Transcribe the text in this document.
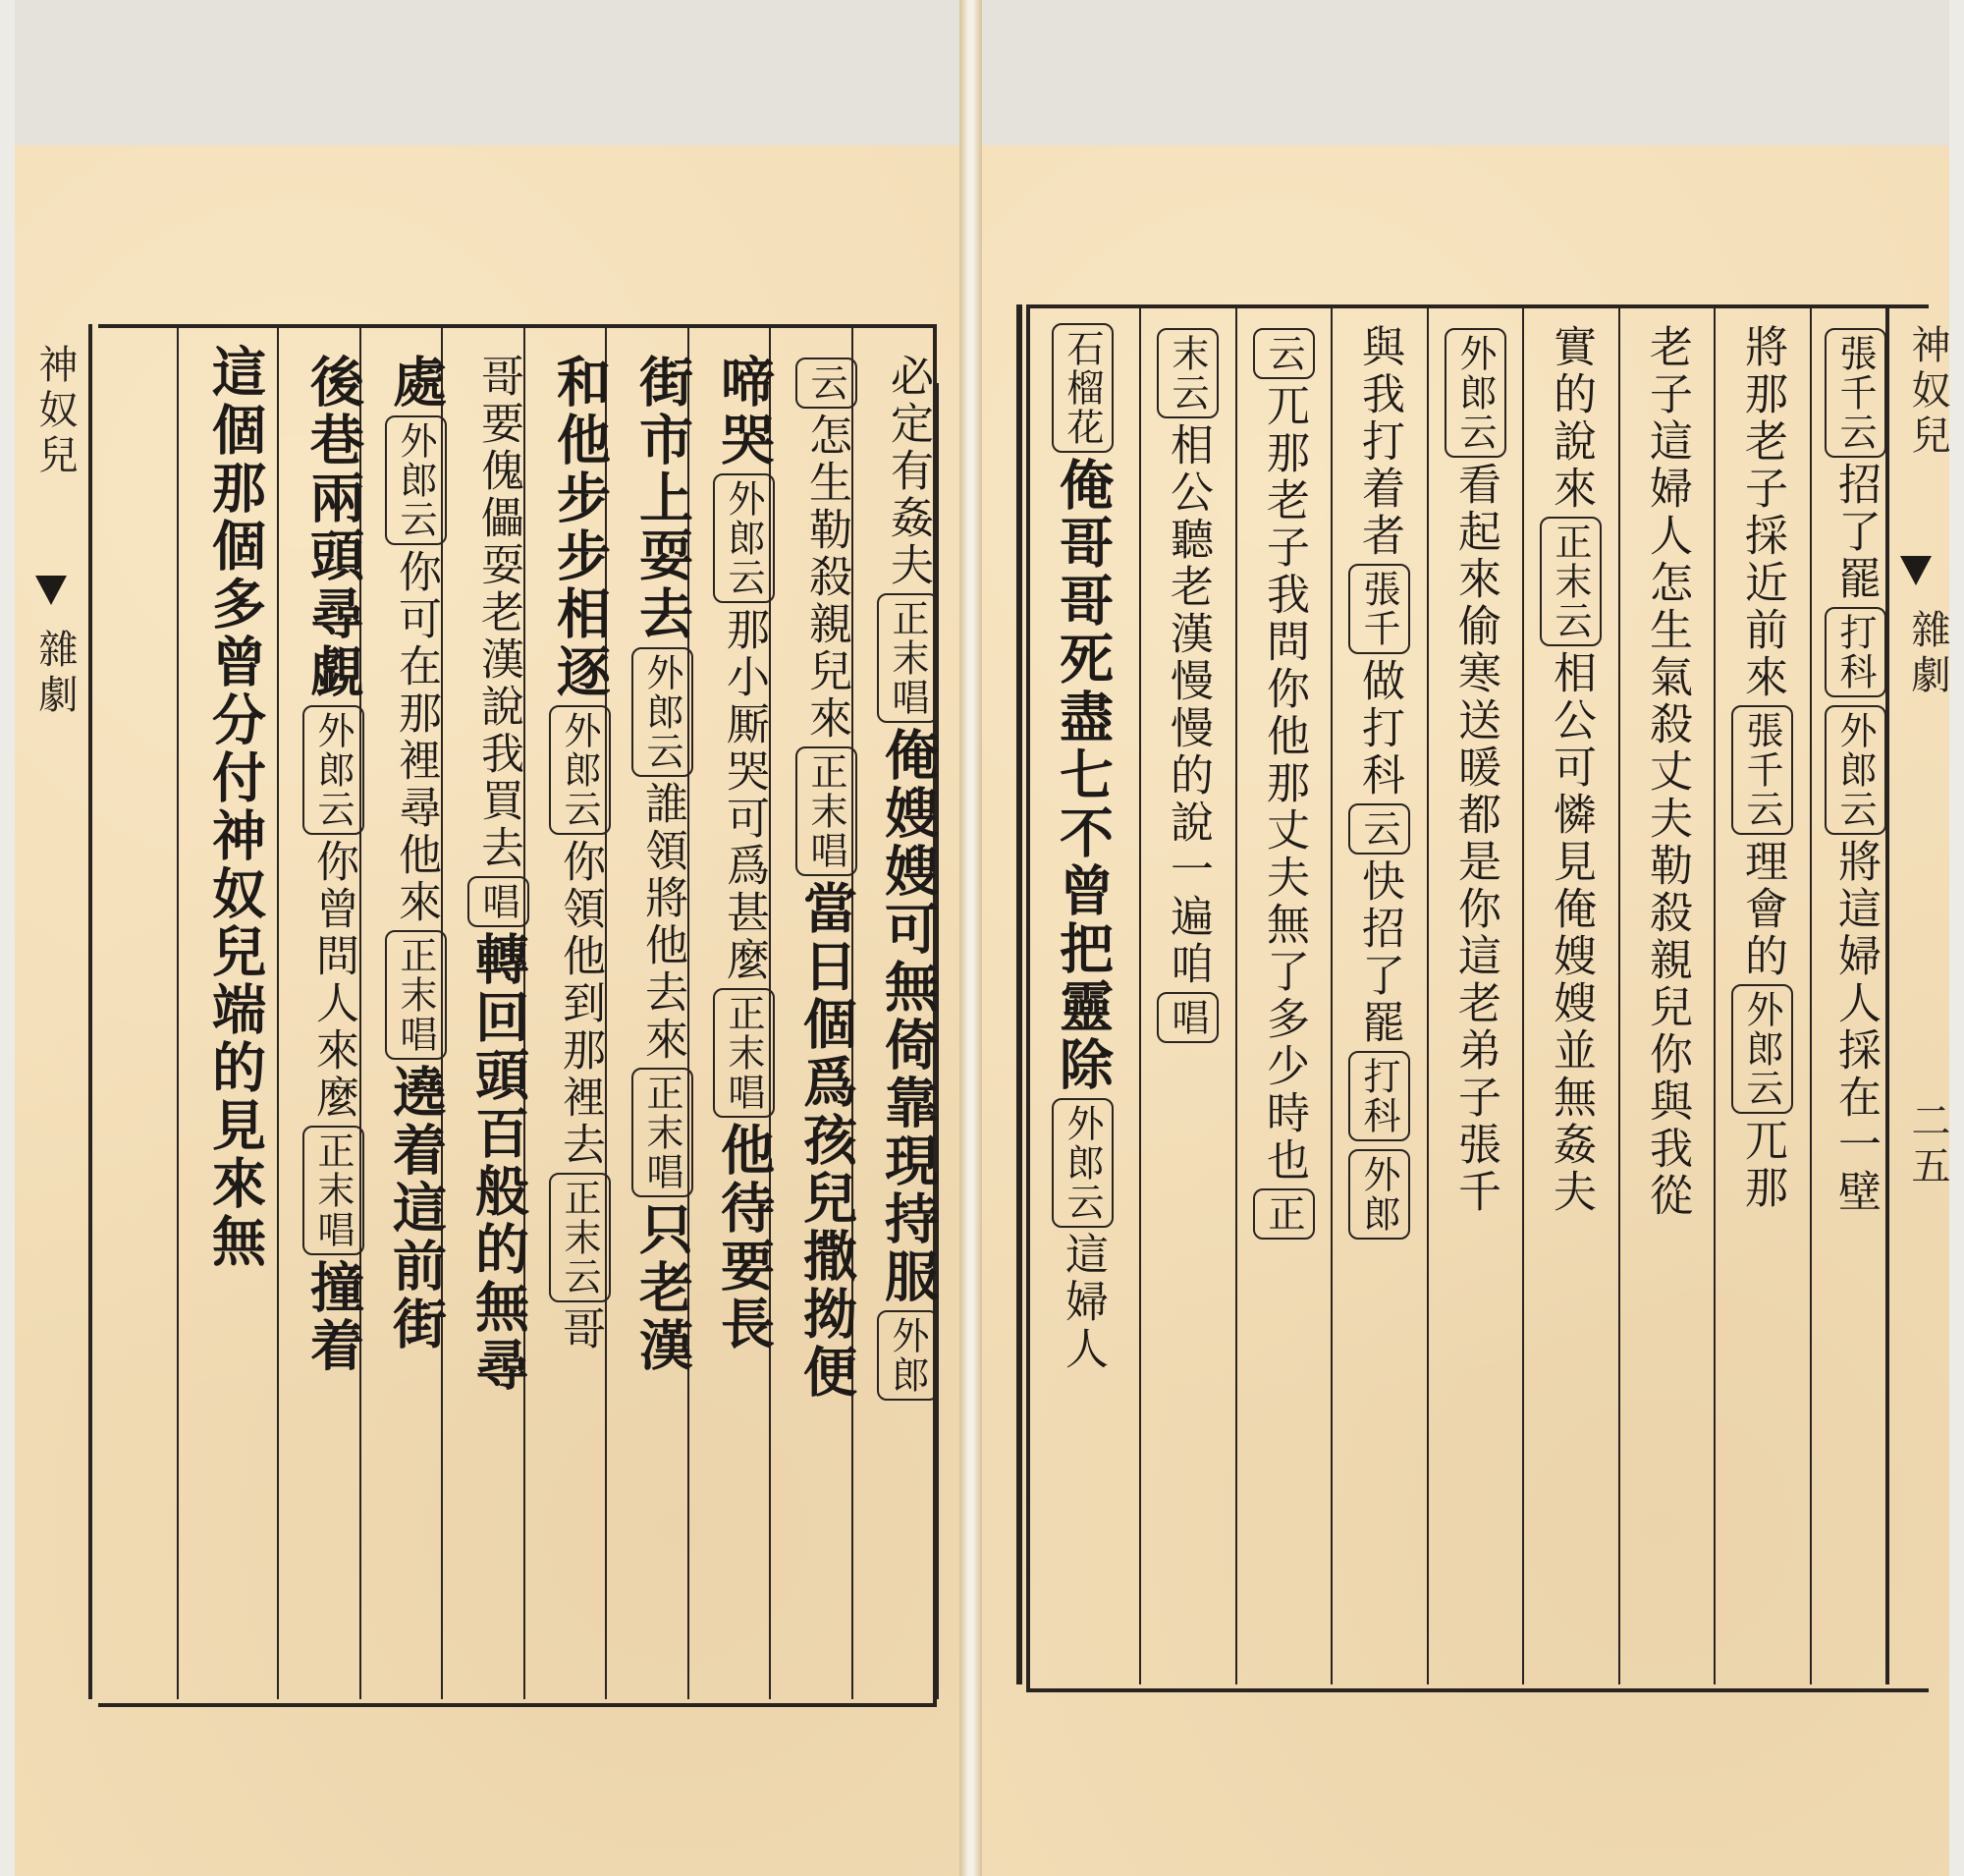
神奴兒
雜劇
神奴兒
雜劇
二五
必定有姦夫正末唱俺嫂嫂可無倚靠現持服外郎
云怎生勒殺親兒來正末唱當日個爲孩兒撒拗便
啼哭外郎云那小厮哭可爲甚麼正末唱他待要長
街市上耍去外郎云誰領將他去來正末唱只老漢
和他步步相逐外郎云你領他到那裡去正末云哥
哥要傀儡耍老漢說我買去唱轉回頭百般的無尋
處外郎云你可在那裡尋他來正末唱遶着這前街
後巷兩頭尋覷外郎云你曾問人來麼正末唱撞着
這個那個多曾分付神奴兒端的見來無	張千云招了罷打科外郎云將這婦人採在一壁
將那老子採近前來張千云理會的外郎云兀那
老子這婦人怎生氣殺丈夫勒殺親兒你與我從
實的說來正末云相公可憐見俺嫂嫂並無姦夫
外郎云看起來偷寒送暖都是你這老弟子張千
與我打着者張千做打科云快招了罷打科外郎
云兀那老子我問你他那丈夫無了多少時也正
末云相公聽老漢慢慢的說一遍咱唱
石榴花俺哥哥死盡七不曾把靈除外郎云這婦人
